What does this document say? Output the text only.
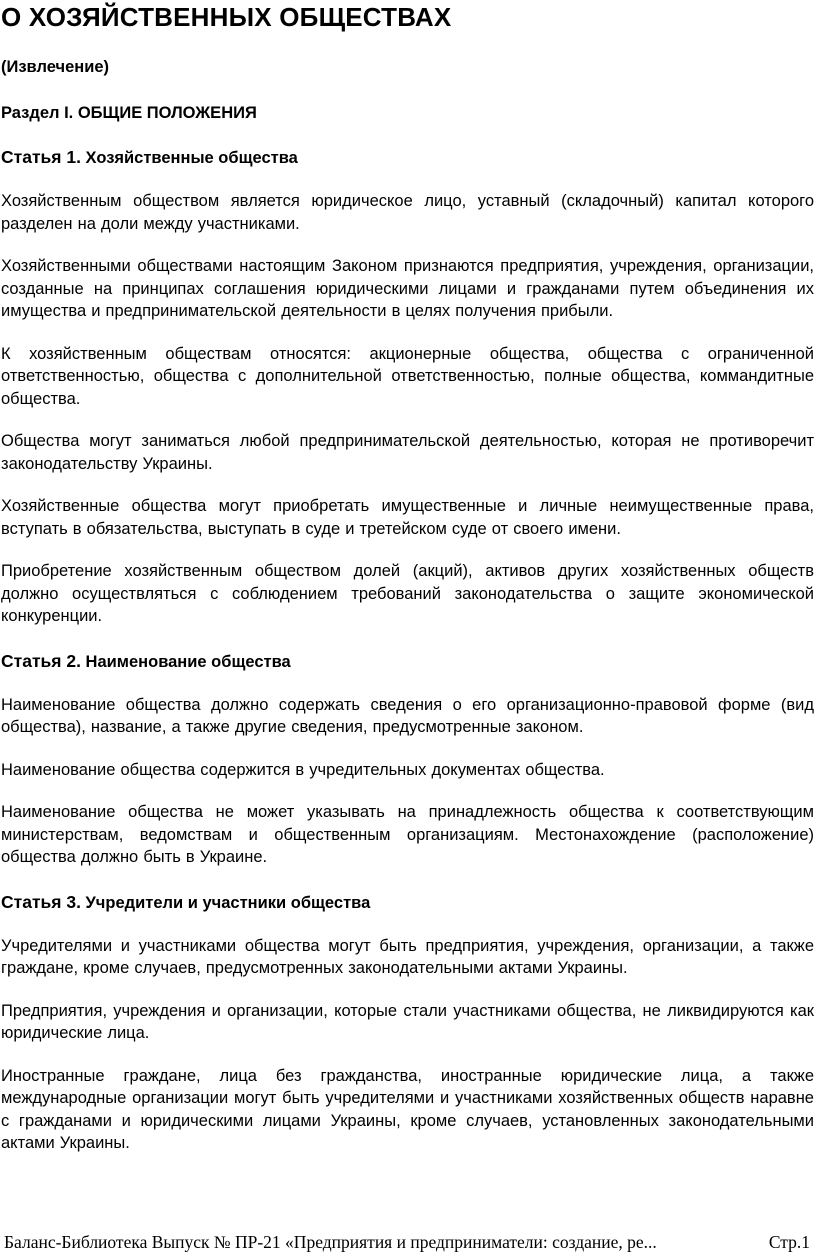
О ХОЗЯЙСТВЕННЫХ ОБЩЕСТВАХ
(Извлечение)
Раздел I. ОБЩИЕ ПОЛОЖЕНИЯ
Статья 1. Хозяйственные общества

Хозяйственным обществом является юридическое лицо, уставный (складочный) капитал которого разделен на доли между участниками.

Хозяйственными обществами настоящим Законом признаются предприятия, учреждения, организации, созданные на принципах соглашения юридическими лицами и гражданами путем объединения их имущества и предпринимательской деятельности в целях получения прибыли.

К хозяйственным обществам относятся: акционерные общества, общества с ограниченной ответственностью, общества с дополнительной ответственностью, полные общества, коммандитные общества.

Общества могут заниматься любой предпринимательской деятельностью, которая не противоречит законодательству Украины.

Хозяйственные общества могут приобретать имущественные и личные неимущественные права, вступать в обязательства, выступать в суде и третейском суде от своего имени.

Приобретение хозяйственным обществом долей (акций), активов других хозяйственных обществ должно осуществляться с соблюдением требований законодательства о защите экономической конкуренции.

Статья 2. Наименование общества

Наименование общества должно содержать сведения о его организационно-правовой форме (вид общества), название, а также другие сведения, предусмотренные законом.

Наименование общества содержится в учредительных документах общества.

Наименование общества не может указывать на принадлежность общества к соответствующим министерствам, ведомствам и общественным организациям. Местонахождение (расположение) общества должно быть в Украине.

Статья 3. Учредители и участники общества

Учредителями и участниками общества могут быть предприятия, учреждения, организации, а также граждане, кроме случаев, предусмотренных законодательными актами Украины.

Предприятия, учреждения и организации, которые стали участниками общества, не ликвидируются как юридические лица.

Иностранные граждане, лица без гражданства, иностранные юридические лица, а также международные организации могут быть учредителями и участниками хозяйственных обществ наравне с гражданами и юридическими лицами Украины, кроме случаев, установленных законодательными актами Украины.

Баланс-Библиотека Выпуск № ПР-21 «Предприятия и предприниматели: создание, ре...	Стр.1
